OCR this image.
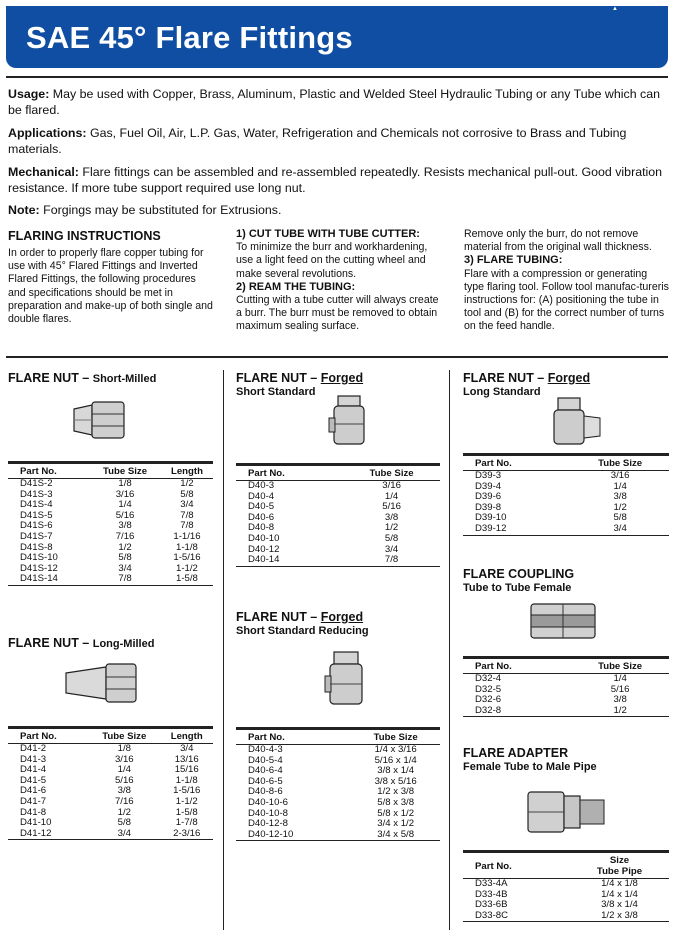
SAE 45° Flare Fittings
▲
Usage: May be used with Copper, Brass, Aluminum, Plastic and Welded Steel Hydraulic Tubing or any Tube which can be flared.
Applications: Gas, Fuel Oil, Air, L.P. Gas, Water, Refrigeration and Chemicals not corrosive to Brass and Tubing materials.
Mechanical: Flare fittings can be assembled and re-assembled repeatedly. Resists mechanical pull-out. Good vibration resistance. If more tube support required use long nut.
Note: Forgings may be substituted for Extrusions.
FLARING INSTRUCTIONS
In order to properly flare copper tubing for use with 45° Flared Fittings and Inverted Flared Fittings, the following procedures and specifications should be met in preparation and make-up of both single and double flares.
1) CUT TUBE WITH TUBE CUTTER:
To minimize the burr and workhardening, use a light feed on the cutting wheel and make several revolutions.
2) REAM THE TUBING:
Cutting with a tube cutter will always create a burr. The burr must be removed to obtain maximum sealing surface.
Remove only the burr, do not remove material from the original wall thickness.
3) FLARE TUBING:
Flare with a compression or generating type flaring tool. Follow tool manufac-tureris instructions for: (A) positioning the tube in tool and (B) for the correct number of turns on the feed handle.
FLARE NUT – Short-Milled
Part No.	Tube Size	Length
D41S-2	1/8	1/2
D41S-3	3/16	5/8
D41S-4	1/4	3/4
D41S-5	5/16	7/8
D41S-6	3/8	7/8
D41S-7	7/16	1-1/16
D41S-8	1/2	1-1/8
D41S-10	5/8	1-5/16
D41S-12	3/4	1-1/2
D41S-14	7/8	1-5/8
FLARE NUT – Long-Milled
Part No.	Tube Size	Length
D41-2	1/8	3/4
D41-3	3/16	13/16
D41-4	1/4	15/16
D41-5	5/16	1-1/8
D41-6	3/8	1-5/16
D41-7	7/16	1-1/2
D41-8	1/2	1-5/8
D41-10	5/8	1-7/8
D41-12	3/4	2-3/16
FLARE NUT – Forged
Short Standard
Part No.	Tube Size
D40-3	3/16
D40-4	1/4
D40-5	5/16
D40-6	3/8
D40-8	1/2
D40-10	5/8
D40-12	3/4
D40-14	7/8
FLARE NUT – Forged
Short Standard Reducing
Part No.	Tube Size
D40-4-3	1/4 x 3/16
D40-5-4	5/16 x 1/4
D40-6-4	3/8 x 1/4
D40-6-5	3/8 x 5/16
D40-8-6	1/2 x 3/8
D40-10-6	5/8 x 3/8
D40-10-8	5/8 x 1/2
D40-12-8	3/4 x 1/2
D40-12-10	3/4 x 5/8
FLARE NUT – Forged
Long Standard
Part No.	Tube Size
D39-3	3/16
D39-4	1/4
D39-6	3/8
D39-8	1/2
D39-10	5/8
D39-12	3/4
FLARE COUPLING
Tube to Tube Female
Part No.	Tube Size
D32-4	1/4
D32-5	5/16
D32-6	3/8
D32-8	1/2
FLARE ADAPTER
Female Tube to Male Pipe
Part No.	Size
Tube Pipe
D33-4A	1/4 x 1/8
D33-4B	1/4 x 1/4
D33-6B	3/8 x 1/4
D33-8C	1/2 x 3/8
